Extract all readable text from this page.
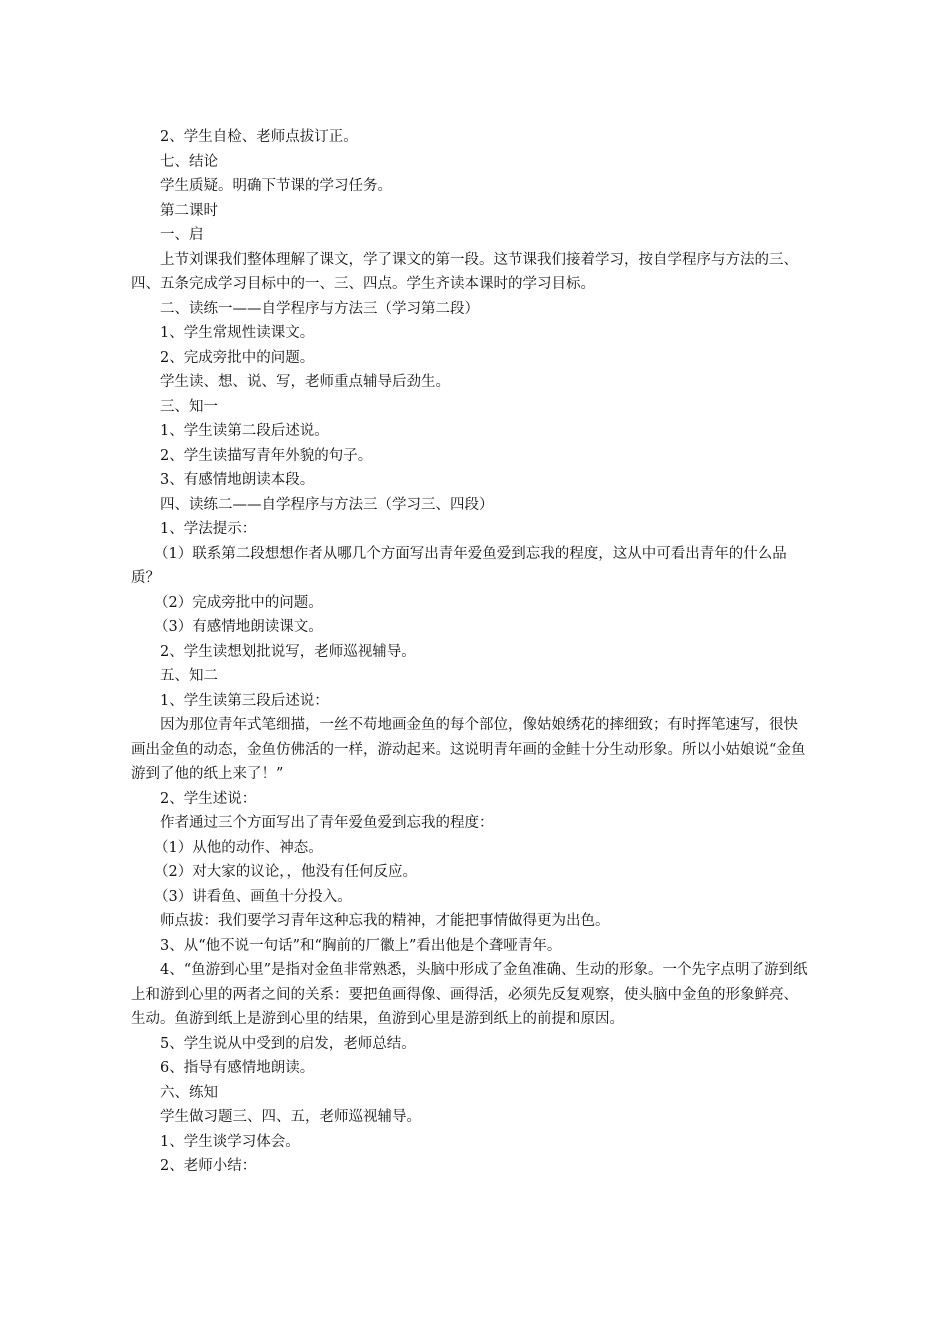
2、学生自检、老师点拔订正。

七、结论

学生质疑。明确下节课的学习任务。

第二课时

一、启

上节刘课我们整体理解了课文，学了课文的第一段。这节课我们接着学习，按自学程序与方法的三、四、五条完成学习目标中的一、三、四点。学生齐读本课时的学习目标。

二、读练一——自学程序与方法三（学习第二段）

1、学生常规性读课文。

2、完成旁批中的问题。

学生读、想、说、写，老师重点辅导后劲生。

三、知一

1、学生读第二段后述说。

2、学生读描写青年外貌的句子。

3、有感情地朗读本段。

四、读练二——自学程序与方法三（学习三、四段）

1、学法提示：

（1）联系第二段想想作者从哪几个方面写出青年爱鱼爱到忘我的程度，这从中可看出青年的什么品质？

（2）完成旁批中的问题。

（3）有感情地朗读课文。

2、学生读想划批说写，老师巡视辅导。

五、知二

1、学生读第三段后述说：

因为那位青年式笔细描，一丝不苟地画金鱼的每个部位，像姑娘绣花的摔细致；有时挥笔速写，很快画出金鱼的动态，金鱼仿佛活的一样，游动起来。这说明青年画的金鲑十分生动形象。所以小姑娘说“金鱼游到了他的纸上来了！”

2、学生述说：

作者通过三个方面写出了青年爱鱼爱到忘我的程度：

（1）从他的动作、神态。

（2）对大家的议论，，他没有任何反应。

（3）讲看鱼、画鱼十分投入。

师点拔：我们要学习青年这种忘我的精神，才能把事情做得更为出色。

3、从“他不说一句话”和“胸前的厂徽上”看出他是个聋哑青年。

4、“鱼游到心里”是指对金鱼非常熟悉，头脑中形成了金鱼准确、生动的形象。一个先字点明了游到纸上和游到心里的两者之间的关系：要把鱼画得像、画得活，必须先反复观察，使头脑中金鱼的形象鲜亮、生动。鱼游到纸上是游到心里的结果，鱼游到心里是游到纸上的前提和原因。

5、学生说从中受到的启发，老师总结。

6、指导有感情地朗读。

六、练知

学生做习题三、四、五，老师巡视辅导。

1、学生谈学习体会。

2、老师小结：
